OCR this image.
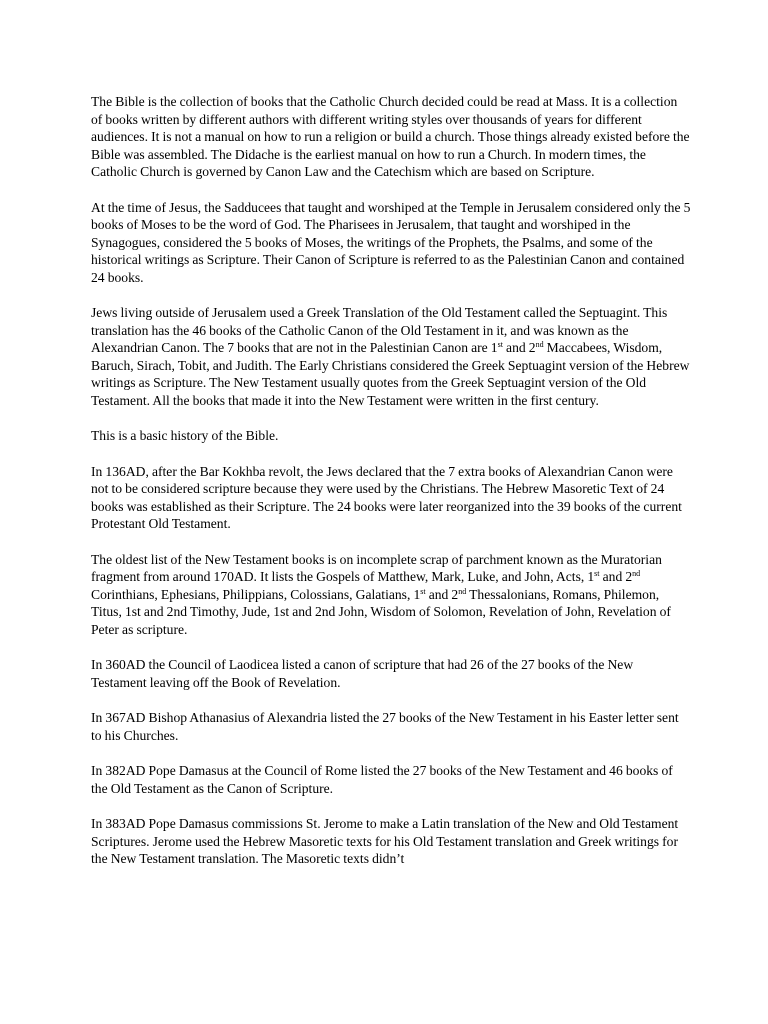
The Bible is the collection of books that the Catholic Church decided could be read at Mass. It is a collection of books written by different authors with different writing styles over thousands of years for different audiences. It is not a manual on how to run a religion or build a church. Those things already existed before the Bible was assembled. The Didache is the earliest manual on how to run a Church. In modern times, the Catholic Church is governed by Canon Law and the Catechism which are based on Scripture.

At the time of Jesus, the Sadducees that taught and worshiped at the Temple in Jerusalem considered only the 5 books of Moses to be the word of God. The Pharisees in Jerusalem, that taught and worshiped in the Synagogues, considered the 5 books of Moses, the writings of the Prophets, the Psalms, and some of the historical writings as Scripture. Their Canon of Scripture is referred to as the Palestinian Canon and contained 24 books.

Jews living outside of Jerusalem used a Greek Translation of the Old Testament called the Septuagint. This translation has the 46 books of the Catholic Canon of the Old Testament in it, and was known as the Alexandrian Canon. The 7 books that are not in the Palestinian Canon are 1st and 2nd Maccabees, Wisdom, Baruch, Sirach, Tobit, and Judith. The Early Christians considered the Greek Septuagint version of the Hebrew writings as Scripture. The New Testament usually quotes from the Greek Septuagint version of the Old Testament. All the books that made it into the New Testament were written in the first century.

This is a basic history of the Bible.

In 136AD, after the Bar Kokhba revolt, the Jews declared that the 7 extra books of Alexandrian Canon were not to be considered scripture because they were used by the Christians. The Hebrew Masoretic Text of 24 books was established as their Scripture. The 24 books were later reorganized into the 39 books of the current Protestant Old Testament.

The oldest list of the New Testament books is on incomplete scrap of parchment known as the Muratorian fragment from around 170AD. It lists the Gospels of Matthew, Mark, Luke, and John, Acts, 1st and 2nd Corinthians, Ephesians, Philippians, Colossians, Galatians, 1st and 2nd Thessalonians, Romans, Philemon, Titus, 1st and 2nd Timothy, Jude, 1st and 2nd John, Wisdom of Solomon, Revelation of John, Revelation of Peter as scripture.

In 360AD the Council of Laodicea listed a canon of scripture that had 26 of the 27 books of the New Testament leaving off the Book of Revelation.

In 367AD Bishop Athanasius of Alexandria listed the 27 books of the New Testament in his Easter letter sent to his Churches.

In 382AD Pope Damasus at the Council of Rome listed the 27 books of the New Testament and 46 books of the Old Testament as the Canon of Scripture.

In 383AD Pope Damasus commissions St. Jerome to make a Latin translation of the New and Old Testament Scriptures. Jerome used the Hebrew Masoretic texts for his Old Testament translation and Greek writings for the New Testament translation. The Masoretic texts didn’t
